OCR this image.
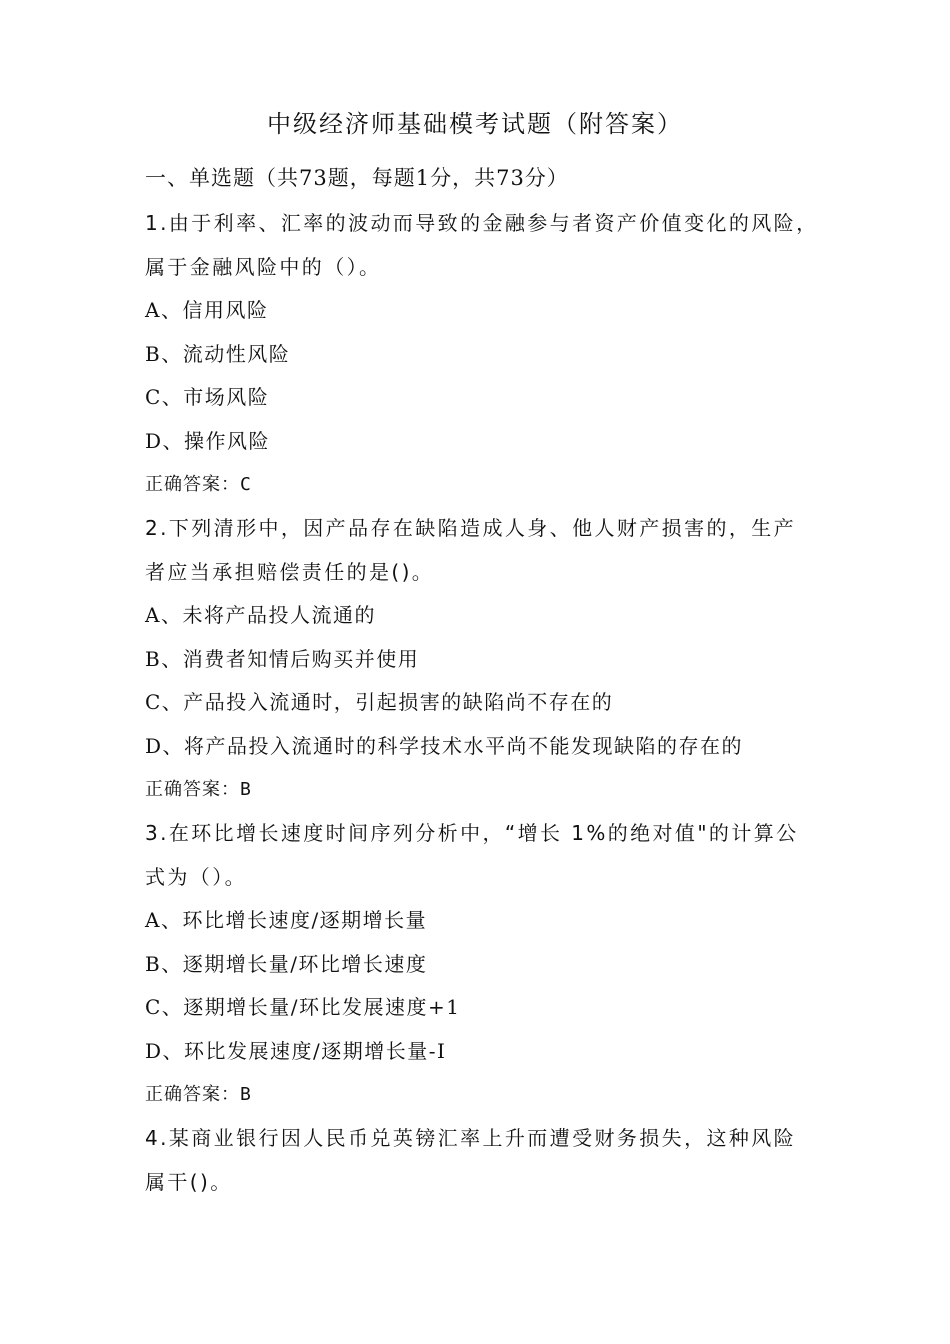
中级经济师基础模考试题（附答案）
一、单选题（共73题，每题1分，共73分）

1.由于利率、汇率的波动而导致的金融参与者资产价值变化的风险，

属于金融风险中的（）。

A、信用风险

B、流动性风险

C、市场风险

D、操作风险

正确答案：C

2.下列清形中，因产品存在缺陷造成人身、他人财产损害的，生产

者应当承担赔偿责任的是()。

A、未将产品投人流通的

B、消费者知情后购买并使用

C、产品投入流通时，引起损害的缺陷尚不存在的

D、将产品投入流通时的科学技术水平尚不能发现缺陷的存在的

正确答案：B

3.在环比增长速度时间序列分析中，“增长 1%的绝对值"的计算公

式为（）。

A、环比增长速度/逐期增长量

B、逐期增长量/环比增长速度

C、逐期增长量/环比发展速度+1

D、环比发展速度/逐期增长量-I

正确答案：B

4.某商业银行因人民币兑英镑汇率上升而遭受财务损失，这种风险

属干()。
